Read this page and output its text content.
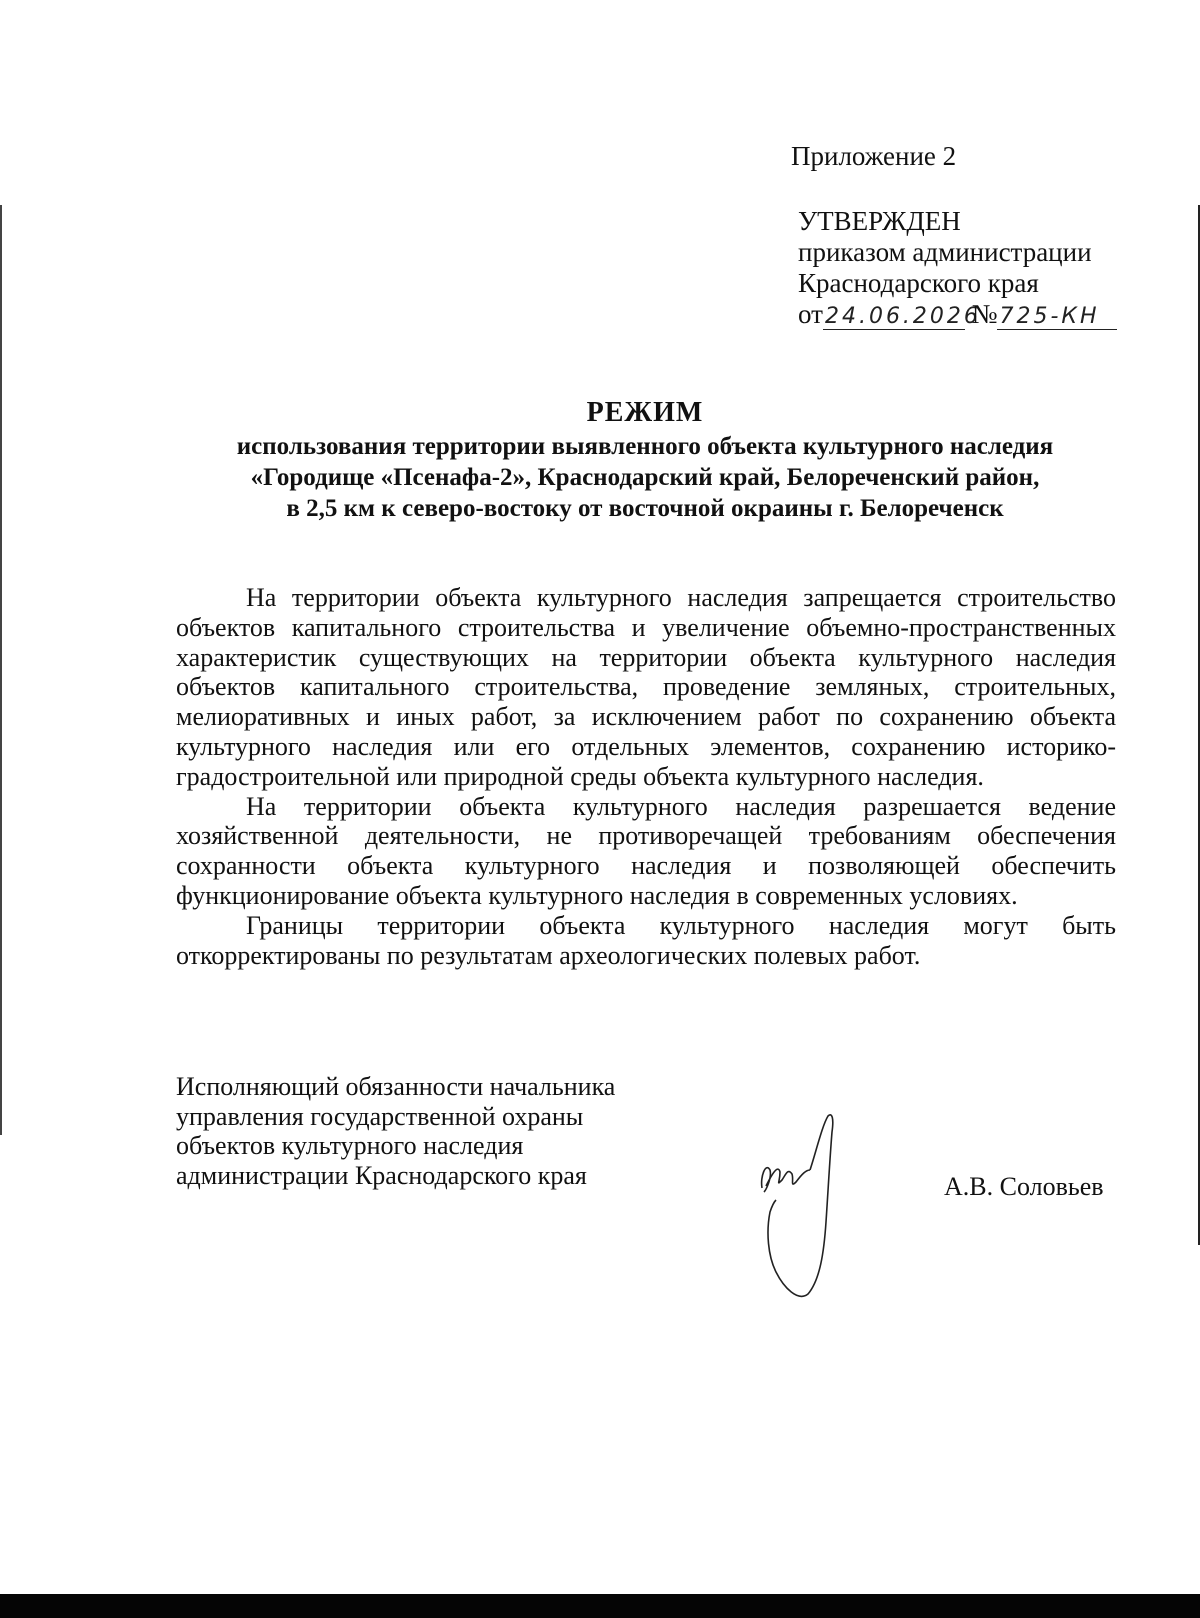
Приложение 2
УТВЕРЖДЕН
приказом администрации
Краснодарского края
от24.06.2026 №725-КН
РЕЖИМ
использования территории выявленного объекта культурного наследия
«Городище «Псенафа-2», Краснодарский край, Белореченский район,
в 2,5 км к северо-востоку от восточной окраины г. Белореченск

На территории объекта культурного наследия запрещается строительство объектов капитального строительства и увеличение объемно-пространственных характеристик существующих на территории объекта культурного наследия объектов капитального строительства, проведение земляных, строительных, мелиоративных и иных работ, за исключением работ по сохранению объекта культурного наследия или его отдельных элементов, сохранению историко-градостроительной или природной среды объекта культурного наследия.

На территории объекта культурного наследия разрешается ведение хозяйственной деятельности, не противоречащей требованиям обеспечения сохранности объекта культурного наследия и позволяющей обеспечить функционирование объекта культурного наследия в современных условиях.

Границы территории объекта культурного наследия могут быть откорректированы по результатам археологических полевых работ.

Исполняющий обязанности начальника
управления государственной охраны
объектов культурного наследия
администрации Краснодарского края	А.В. Соловьев
